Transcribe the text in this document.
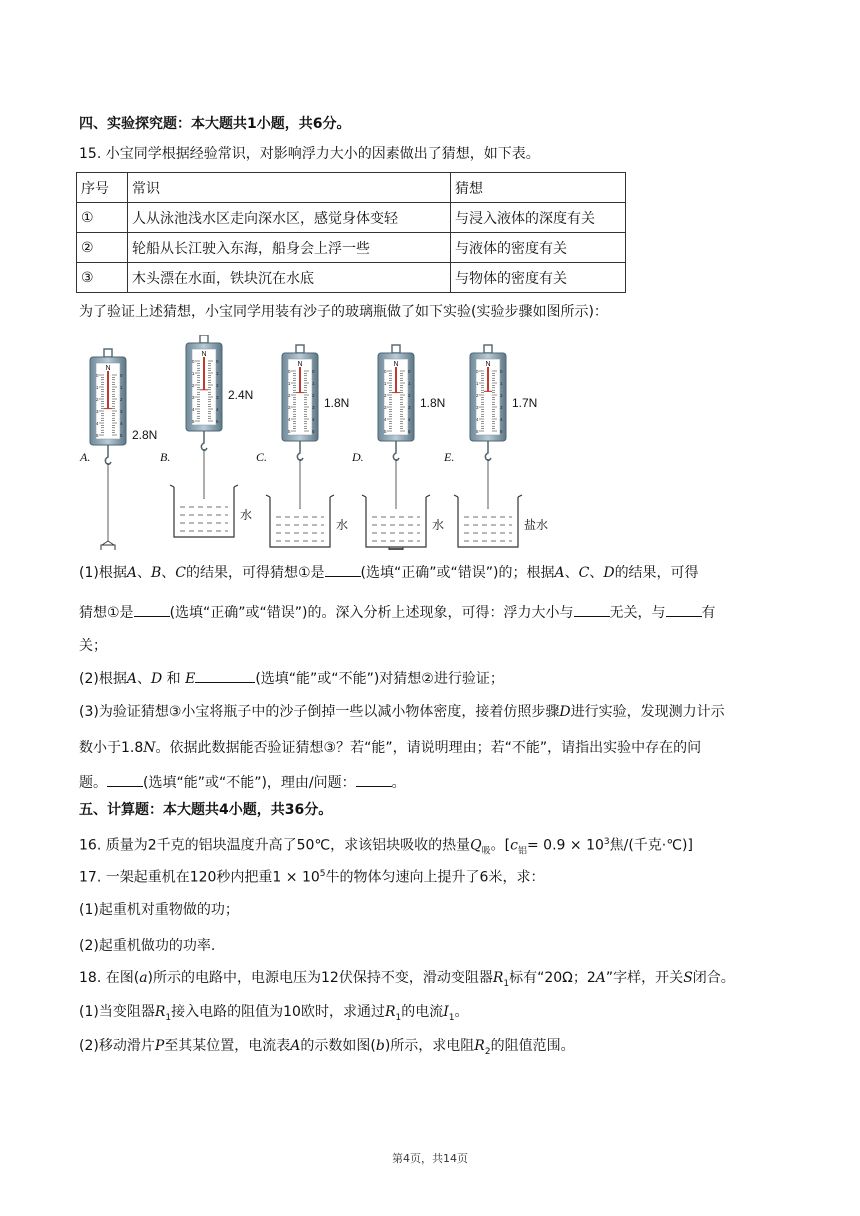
四、实验探究题：本大题共1小题，共6分。
15. 小宝同学根据经验常识，对影响浮力大小的因素做出了猜想，如下表。
序号	常识	猜想
①	人从泳池浅水区走向深水区，感觉身体变轻	与浸入液体的深度有关
②	轮船从长江驶入东海，船身会上浮一些	与液体的密度有关
③	木头漂在水面，铁块沉在水底	与物体的密度有关
为了验证上述猜想，小宝同学用装有沙子的玻璃瓶做了如下实验(实验步骤如图所示)：
N
0	0
1	1
2	2
3	3
4	4
5	5 2.8N
A.
N
0	0
1	1
2	2
3	3
4	4
5	5
2.4N
B.
水
N
0	0
1	1
2	2
3	3
4	4
5	5
1.8N
C.
水
N
0	0
1	1
2	2
3	3
4	4
5	5
1.8N
D.
水
N
0	0
1	1
2	2
3	3
4	4
5	5
1.7N
E.
盐水
(1)根据A、B、C的结果，可得猜想①是	(选填“正确”或“错误”)的；根据A、C、D的结果，可得
猜想①是	(选填“正确”或“错误”)的。深入分析上述现象，可得：浮力大小与	无关，与	有
关；
(2)根据A、D 和 E	(选填“能”或“不能”)对猜想②进行验证；
(3)为验证猜想③小宝将瓶子中的沙子倒掉一些以减小物体密度，接着仿照步骤D进行实验，发现测力计示
数小于1.8N。依据此数据能否验证猜想③？若“能”，请说明理由；若“不能”，请指出实验中存在的问
题。	(选填“能”或“不能”)，理由/问题：	。
五、计算题：本大题共4小题，共36分。
16. 质量为2千克的铝块温度升高了50℃，求该铝块吸收的热量$Q_吸$。[$c_铝= 0.9 \times 10^3$焦/(千克·℃)]
17. 一架起重机在120秒内把重$1 \times 10^5$牛的物体匀速向上提升了6米，求：
(1)起重机对重物做的功；
(2)起重机做功的功率.
18. 在图(a)所示的电路中，电源电压为12伏保持不变，滑动变阻器$R_1$标有“20Ω；2A”字样，开关S闭合。
(1)当变阻器$R_1$接入电路的阻值为10欧时，求通过$R_1$的电流$I_1$。
(2)移动滑片P至其某位置，电流表A的示数如图(b)所示，求电阻$R_2$的阻值范围。
第4页，共14页
